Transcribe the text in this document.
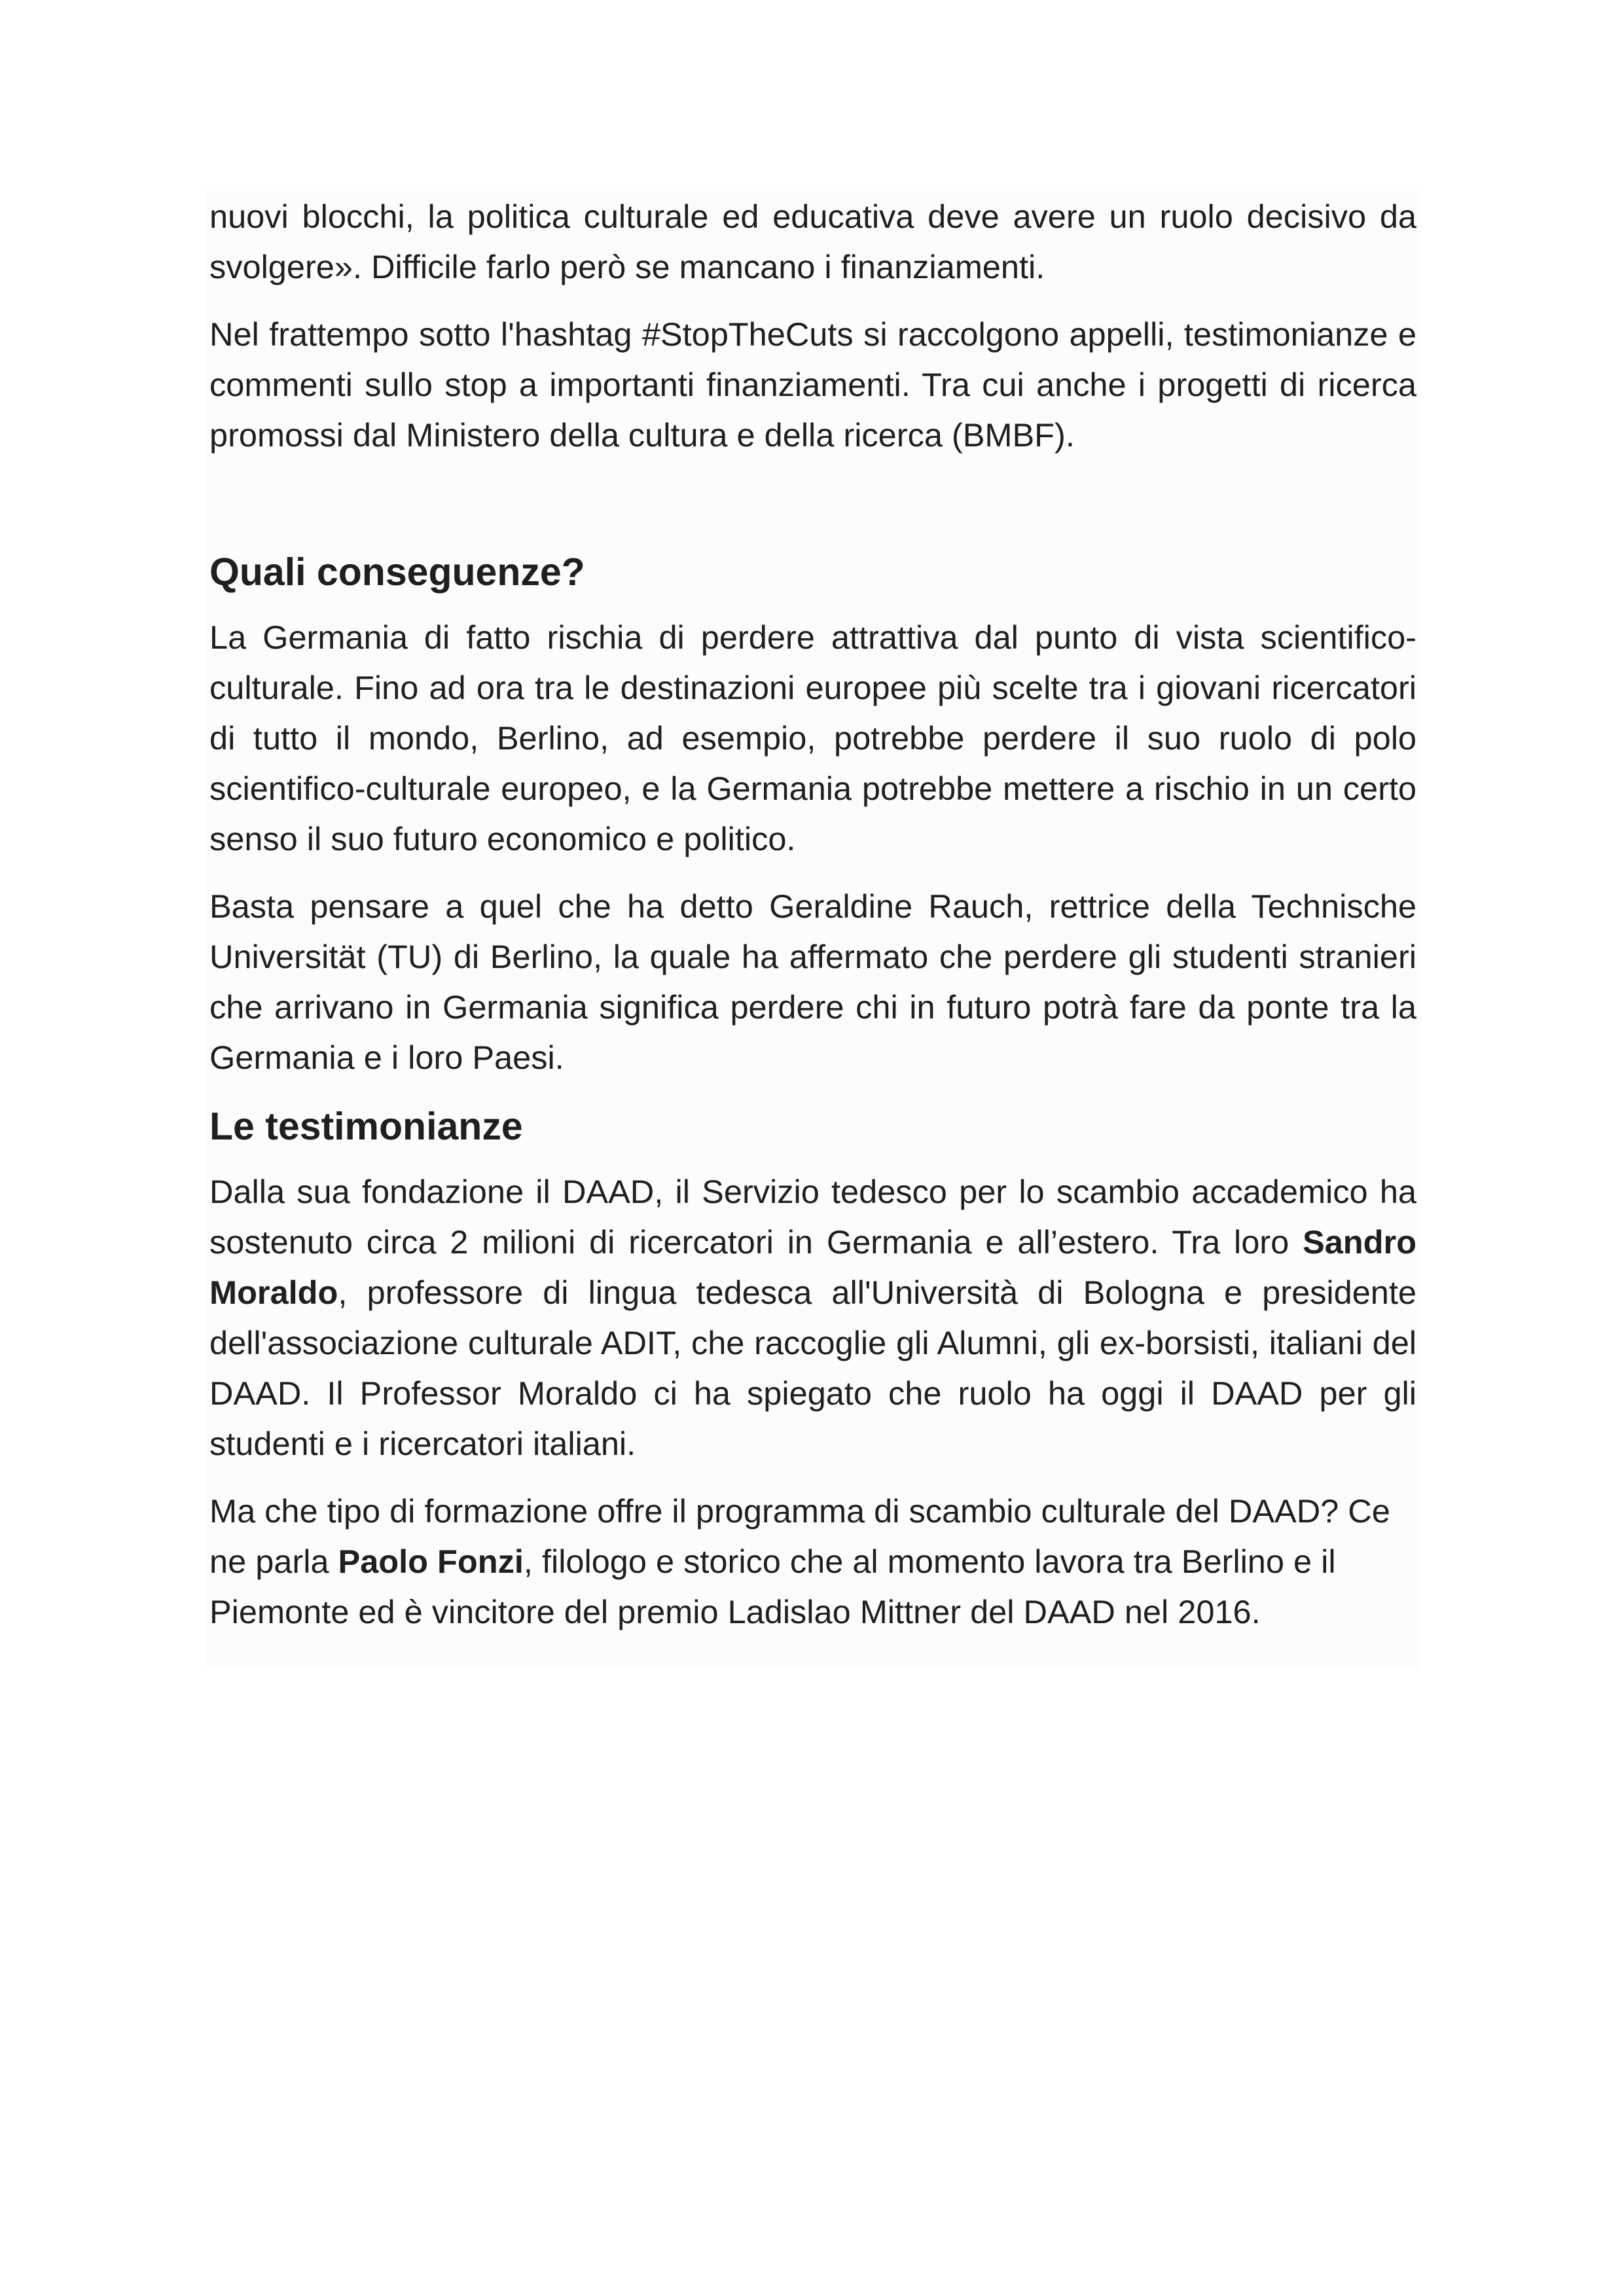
nuovi blocchi, la politica culturale ed educativa deve avere un ruolo decisivo da svolgere». Difficile farlo però se mancano i finanziamenti.

Nel frattempo sotto l'hashtag #StopTheCuts si raccolgono appelli, testimonianze e commenti sullo stop a importanti finanziamenti. Tra cui anche i progetti di ricerca promossi dal Ministero della cultura e della ricerca (BMBF).

Quali conseguenze?

La Germania di fatto rischia di perdere attrattiva dal punto di vista scientifico-culturale. Fino ad ora tra le destinazioni europee più scelte tra i giovani ricercatori di tutto il mondo, Berlino, ad esempio, potrebbe perdere il suo ruolo di polo scientifico-culturale europeo, e la Germania potrebbe mettere a rischio in un certo senso il suo futuro economico e politico.

Basta pensare a quel che ha detto Geraldine Rauch, rettrice della Technische Universität (TU) di Berlino, la quale ha affermato che perdere gli studenti stranieri che arrivano in Germania significa perdere chi in futuro potrà fare da ponte tra la Germania e i loro Paesi.

Le testimonianze

Dalla sua fondazione il DAAD, il Servizio tedesco per lo scambio accademico ha sostenuto circa 2 milioni di ricercatori in Germania e all’estero. Tra loro Sandro Moraldo, professore di lingua tedesca all'Università di Bologna e presidente dell'associazione culturale ADIT, che raccoglie gli Alumni, gli ex-borsisti, italiani del DAAD. Il Professor Moraldo ci ha spiegato che ruolo ha oggi il DAAD per gli studenti e i ricercatori italiani.

Ma che tipo di formazione offre il programma di scambio culturale del DAAD? Ce ne parla Paolo Fonzi, filologo e storico che al momento lavora tra Berlino e il Piemonte ed è vincitore del premio Ladislao Mittner del DAAD nel 2016.
